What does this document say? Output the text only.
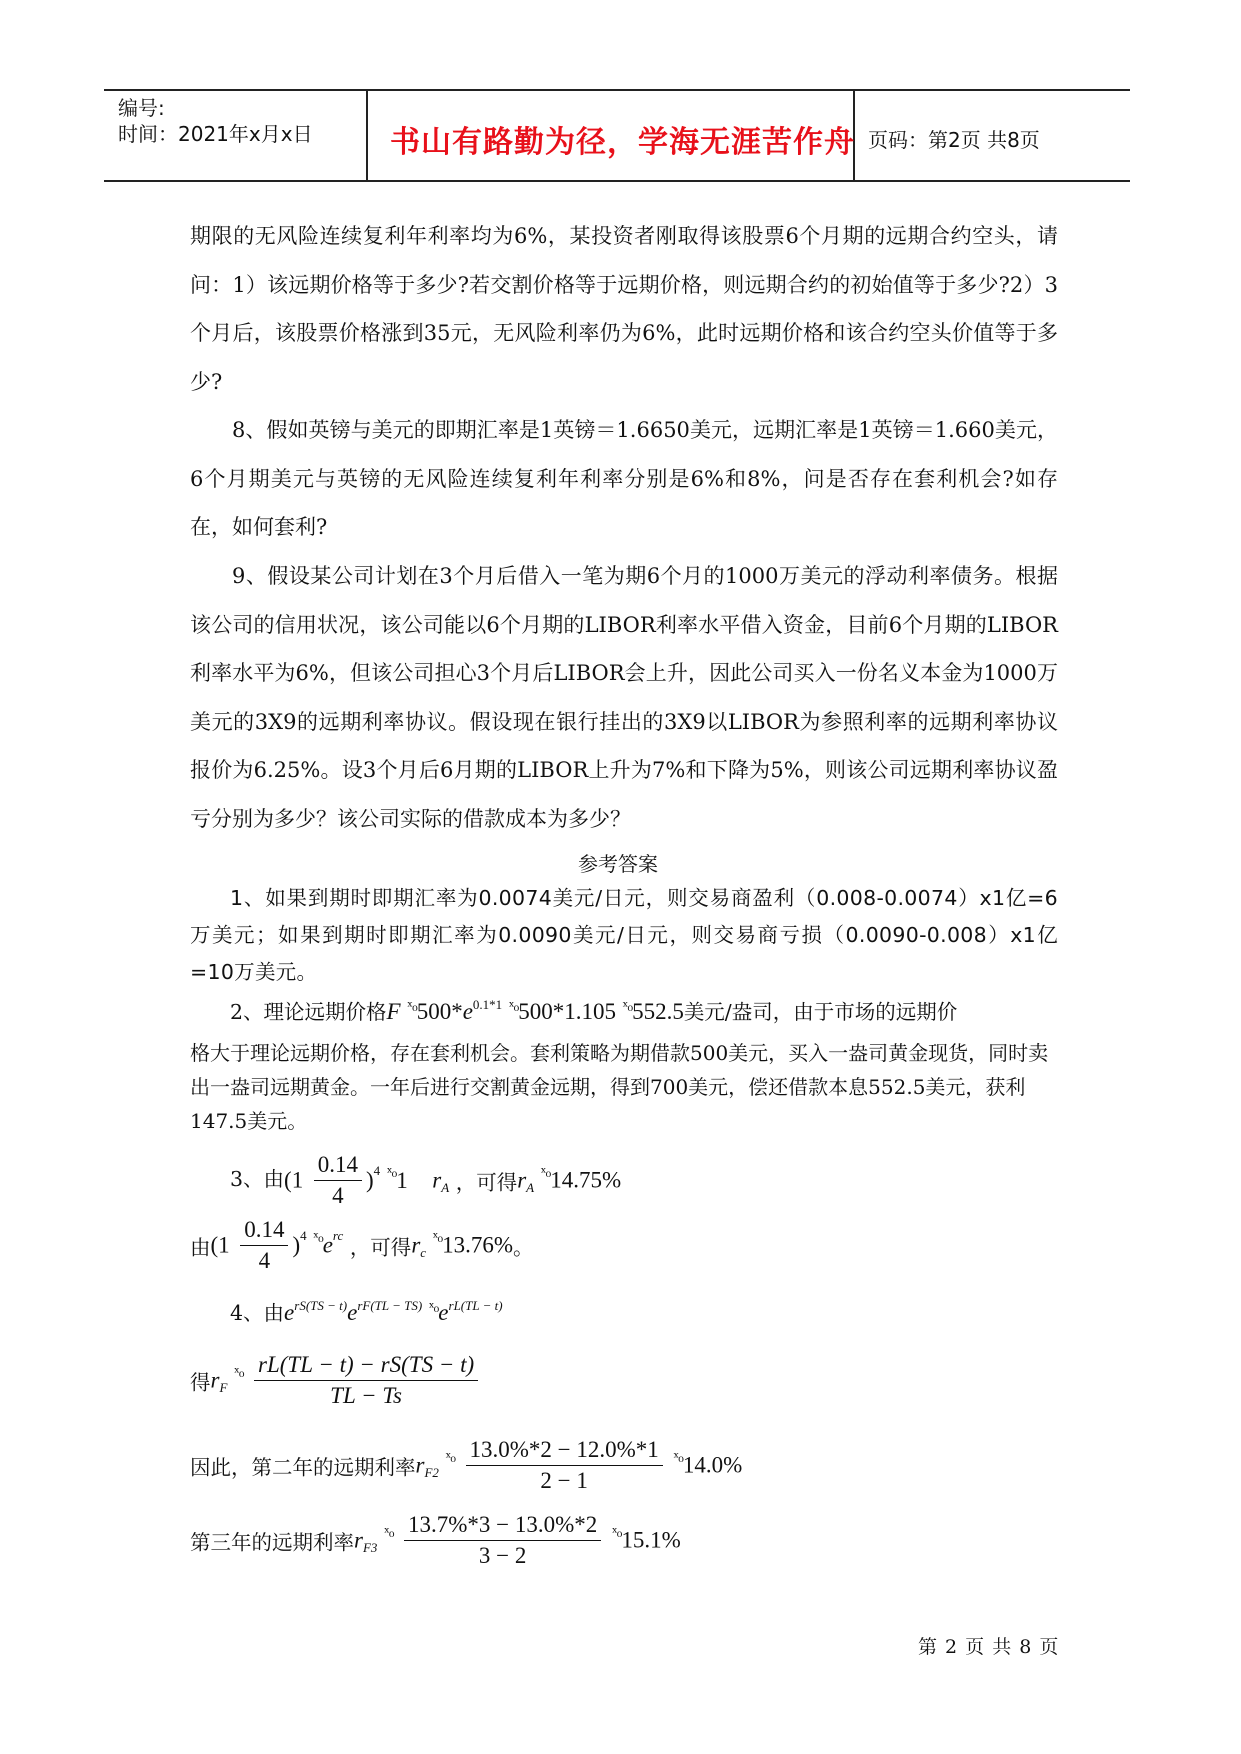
编号:
时间：2021年x月x日	书山有路勤为径，学海无涯苦作舟 页码：第2页 共8页

期限的无风险连续复利年利率均为6%，某投资者刚取得该股票6个月期的远期合约空头，请问：1）该远期价格等于多少?若交割价格等于远期价格，则远期合约的初始值等于多少?2）3个月后，该股票价格涨到35元，无风险利率仍为6%，此时远期价格和该合约空头价值等于多少?

8、假如英镑与美元的即期汇率是1英镑＝1.6650美元，远期汇率是1英镑＝1.660美元，6个月期美元与英镑的无风险连续复利年利率分别是6%和8%，问是否存在套利机会?如存在，如何套利?

9、假设某公司计划在3个月后借入一笔为期6个月的1000万美元的浮动利率债务。根据该公司的信用状况，该公司能以6个月期的LIBOR利率水平借入资金，目前6个月期的LIBOR利率水平为6%，但该公司担心3个月后LIBOR会上升，因此公司买入一份名义本金为1000万美元的3X9的远期利率协议。假设现在银行挂出的3X9以LIBOR为参照利率的远期利率协议报价为6.25%。设3个月后6月期的LIBOR上升为7%和下降为5%，则该公司远期利率协议盈亏分别为多少？该公司实际的借款成本为多少？

参考答案

1、如果到期时即期汇率为0.0074美元/日元，则交易商盈利（0.008-0.0074）x1亿=6万美元；如果到期时即期汇率为0.0090美元/日元，则交易商亏损（0.0090-0.008）x1亿=10万美元。

2、理论远期价格F $^{ˣ_0}500*e^{0.1*1}$ $^{ˣ_0}$500*1.105 $^{ˣ_0}$552.5美元/盎司，由于市场的远期价

格大于理论远期价格，存在套利机会。套利策略为期借款500美元，买入一盎司黄金现货，同时卖出一盎司远期黄金。一年后进行交割黄金远期，得到700美元，偿还借款本息552.5美元，获利147.5美元。

3、由$(1 \frac{0.14}{4} )^4$ $^{ˣ_0}$1 $r_A$ ，可得$r_A$ $^{ˣ_0}$14.75%
由$(1 \frac{0.14}{4} )^4$ $^{ˣ_0}e^{rc}$ ，可得$r_c$ $^{ˣ_0}$13.76%。
4、由$e^{rS(TS - t)}e^{rF(TL - TS)}$ $^{ˣ_0}e^{rL(TL - t)}$
得$r_F$ $^{ˣ_0} \frac{rL(TL - t) - rS(TS - t)}{TL - Ts}$
因此，第二年的远期利率$r_{F2}$ $^{ˣ_0} \frac{13.0\%*2 - 12.0\%*1}{2 - 1} ^{ˣ_0}14.0\%$
第三年的远期利率$r_{F3}$ $^{ˣ_0} \frac{13.7\%*3 - 13.0\%*2}{3 - 2} ^{ˣ_0}15.1\%$
第 2 页 共 8 页
